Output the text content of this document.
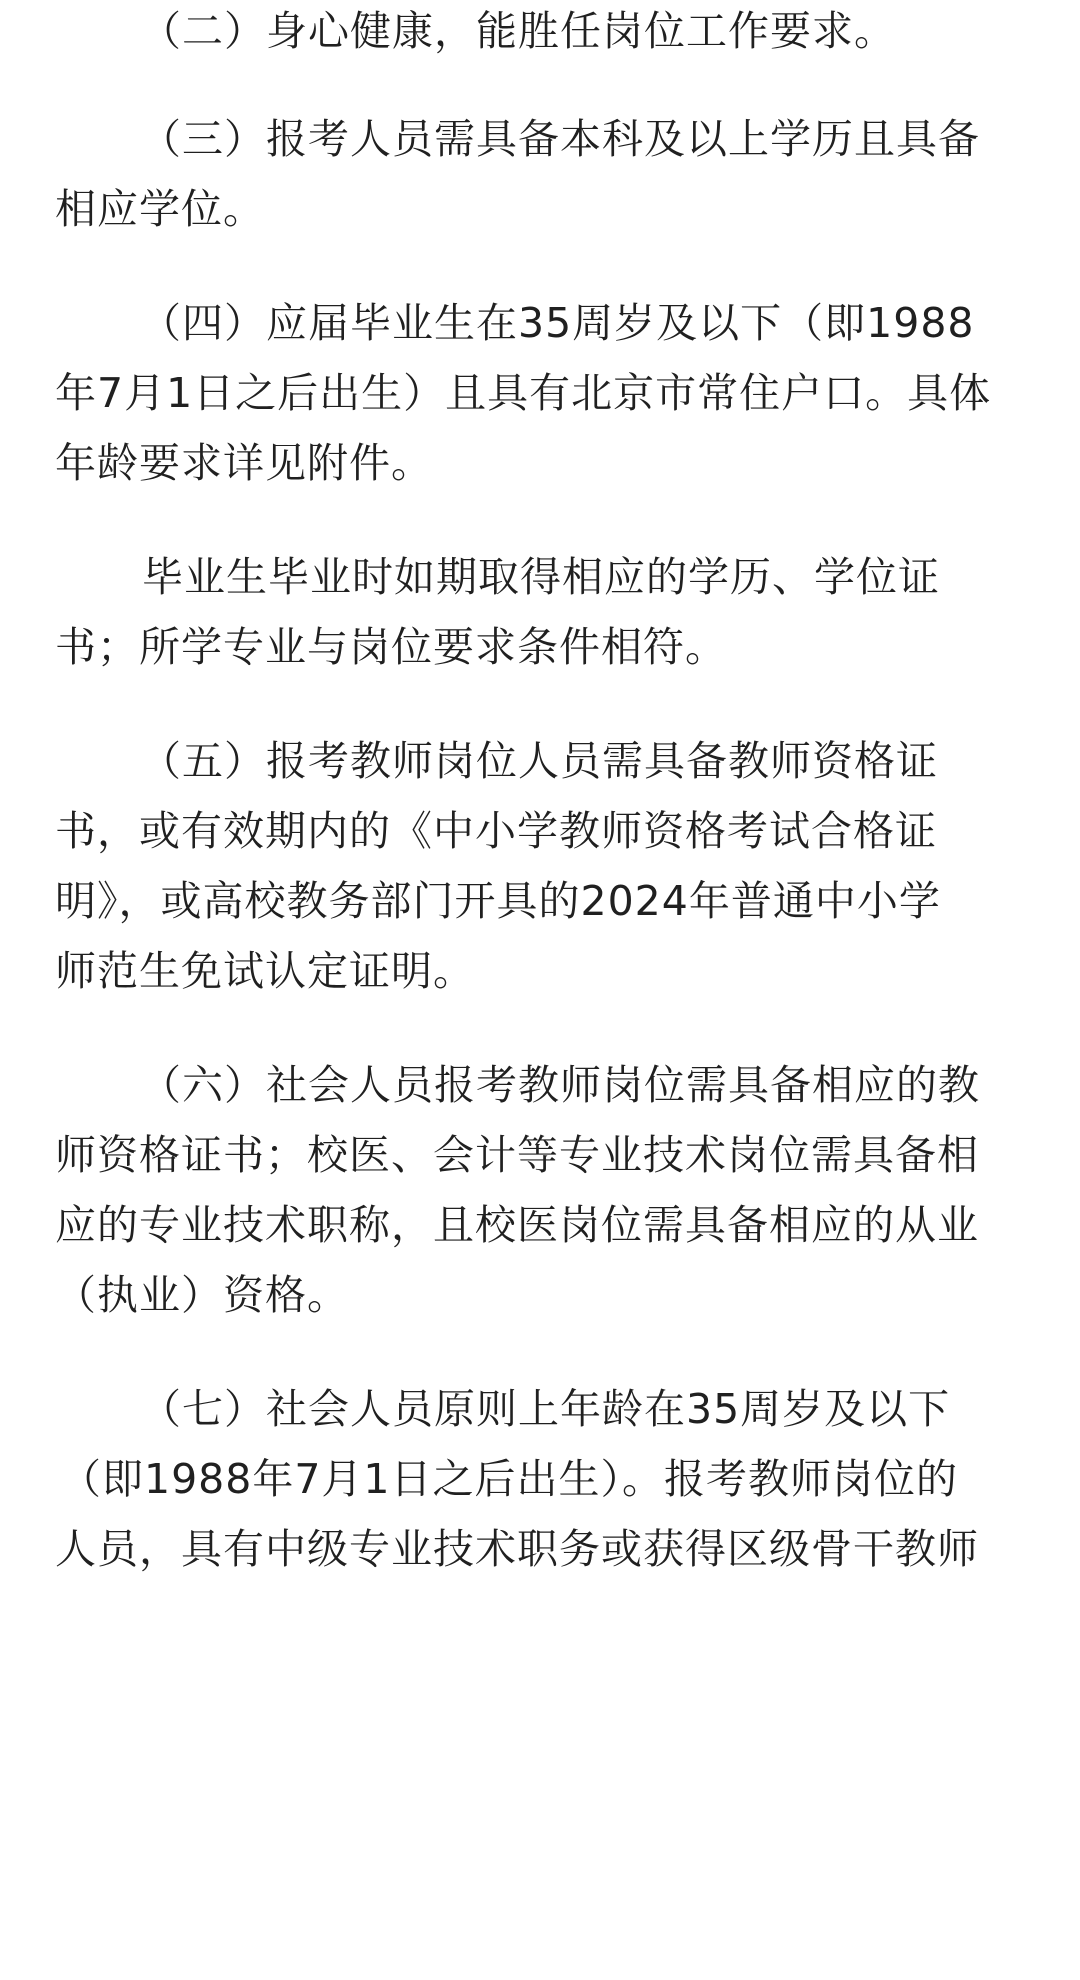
（二）身心健康，能胜任岗位工作要求。
（三）报考人员需具备本科及以上学历且具备
相应学位。
（四）应届毕业生在35周岁及以下（即1988
年7月1日之后出生）且具有北京市常住户口。具体
年龄要求详见附件。
毕业生毕业时如期取得相应的学历、学位证
书；所学专业与岗位要求条件相符。
（五）报考教师岗位人员需具备教师资格证
书，或有效期内的《中小学教师资格考试合格证
明》，或高校教务部门开具的2024年普通中小学
师范生免试认定证明。
（六）社会人员报考教师岗位需具备相应的教
师资格证书；校医、会计等专业技术岗位需具备相
应的专业技术职称，且校医岗位需具备相应的从业
（执业）资格。
（七）社会人员原则上年龄在35周岁及以下
（即1988年7月1日之后出生）。报考教师岗位的
人员，具有中级专业技术职务或获得区级骨干教师
